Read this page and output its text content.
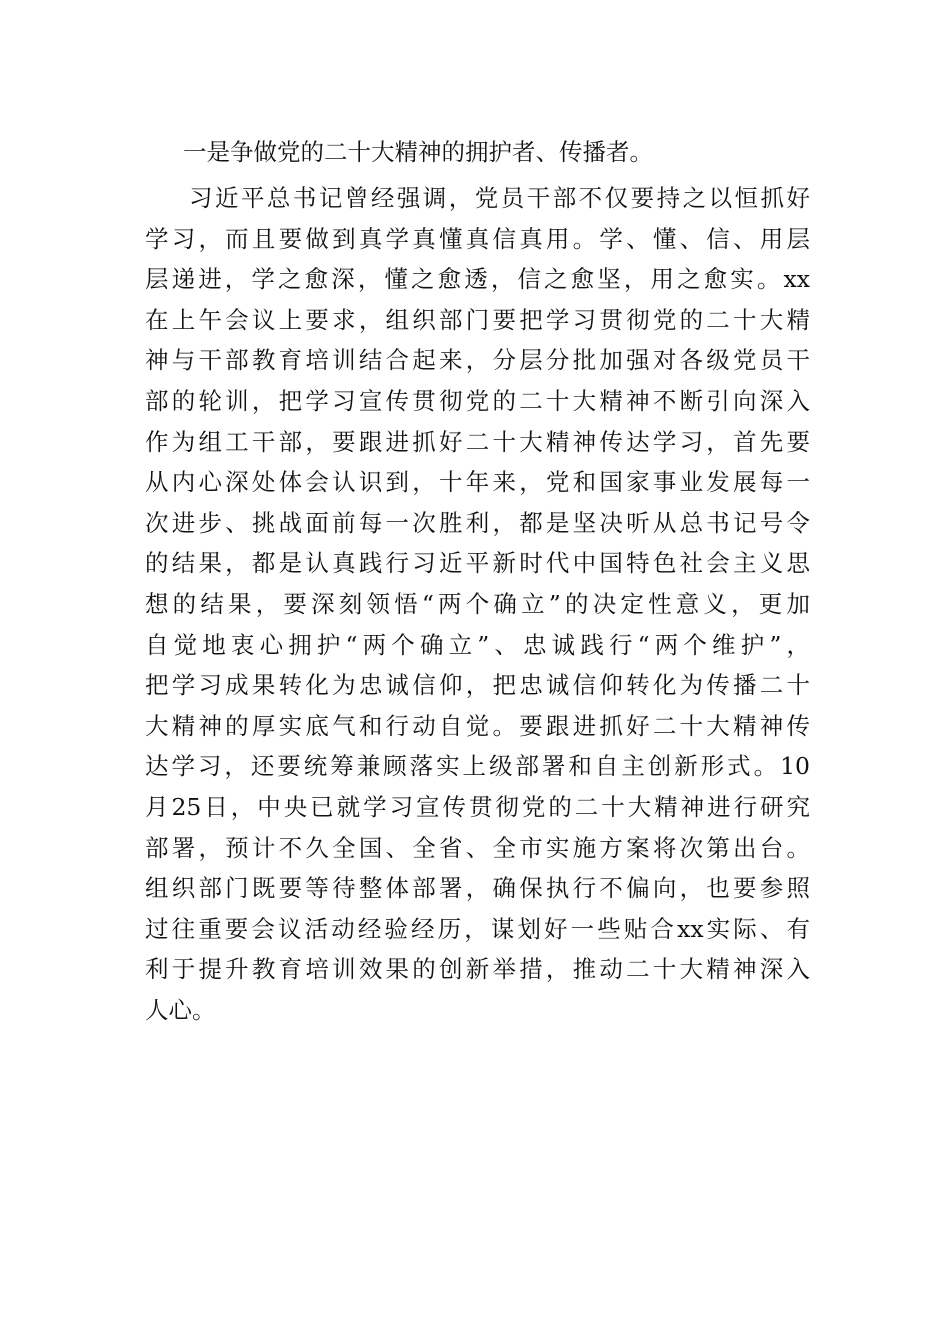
一是争做党的二十大精神的拥护者、传播者。

习近平总书记曾经强调，党员干部不仅要持之以恒抓好
学习，而且要做到真学真懂真信真用。学、懂、信、用层
层递进，学之愈深，懂之愈透，信之愈坚，用之愈实。xx
在上午会议上要求，组织部门要把学习贯彻党的二十大精
神与干部教育培训结合起来，分层分批加强对各级党员干
部的轮训，把学习宣传贯彻党的二十大精神不断引向深入
作为组工干部，要跟进抓好二十大精神传达学习，首先要
从内心深处体会认识到，十年来，党和国家事业发展每一
次进步、挑战面前每一次胜利，都是坚决听从总书记号令
的结果，都是认真践行习近平新时代中国特色社会主义思
想的结果，要深刻领悟“两个确立”的决定性意义，更加
自觉地衷心拥护“两个确立”、忠诚践行“两个维护”，
把学习成果转化为忠诚信仰，把忠诚信仰转化为传播二十
大精神的厚实底气和行动自觉。要跟进抓好二十大精神传
达学习，还要统筹兼顾落实上级部署和自主创新形式。10
月25日，中央已就学习宣传贯彻党的二十大精神进行研究
部署，预计不久全国、全省、全市实施方案将次第出台。
组织部门既要等待整体部署，确保执行不偏向，也要参照
过往重要会议活动经验经历，谋划好一些贴合xx实际、有
利于提升教育培训效果的创新举措，推动二十大精神深入
人心。
